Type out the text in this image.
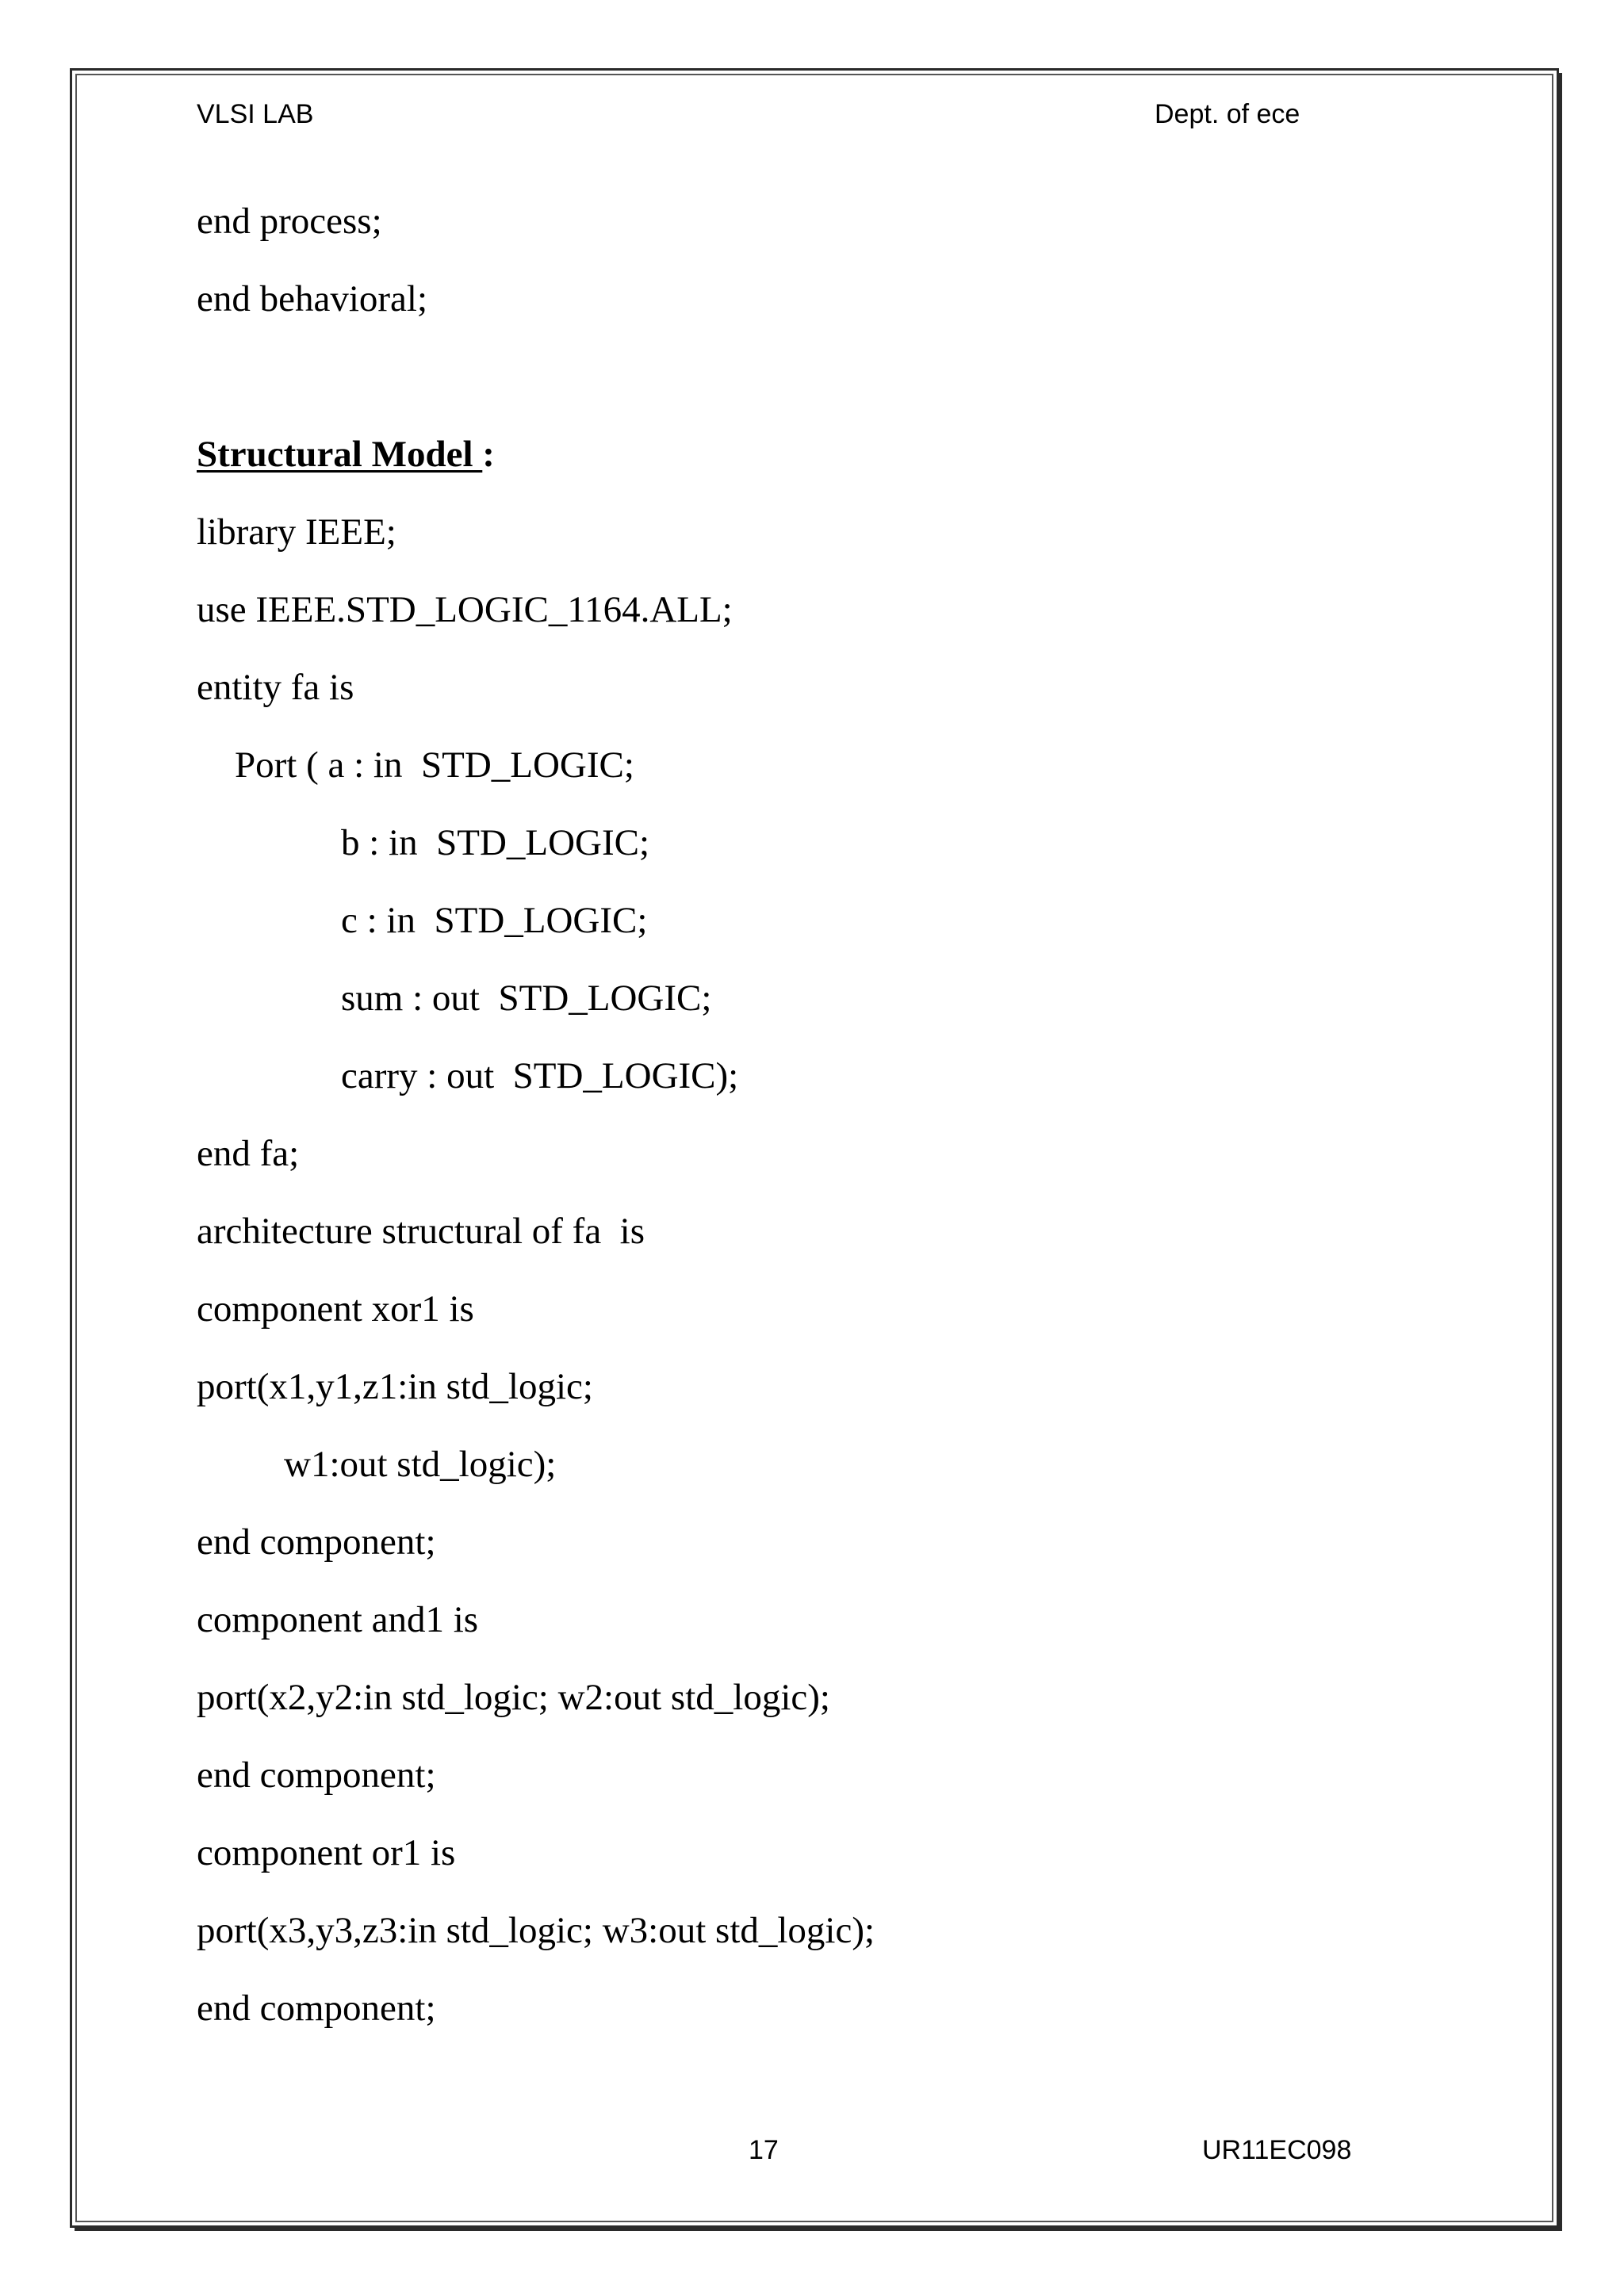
VLSI LAB	Dept. of ece
end process;
end behavioral;
Structural Model :
library IEEE;
use IEEE.STD_LOGIC_1164.ALL;
entity fa is
Port ( a : in  STD_LOGIC;
b : in  STD_LOGIC;
c : in  STD_LOGIC;
sum : out  STD_LOGIC;
carry : out  STD_LOGIC);
end fa;
architecture structural of fa  is
component xor1 is
port(x1,y1,z1:in std_logic;
w1:out std_logic);
end component;
component and1 is
port(x2,y2:in std_logic; w2:out std_logic);
end component;
component or1 is
port(x3,y3,z3:in std_logic; w3:out std_logic);
end component;
17	UR11EC098
